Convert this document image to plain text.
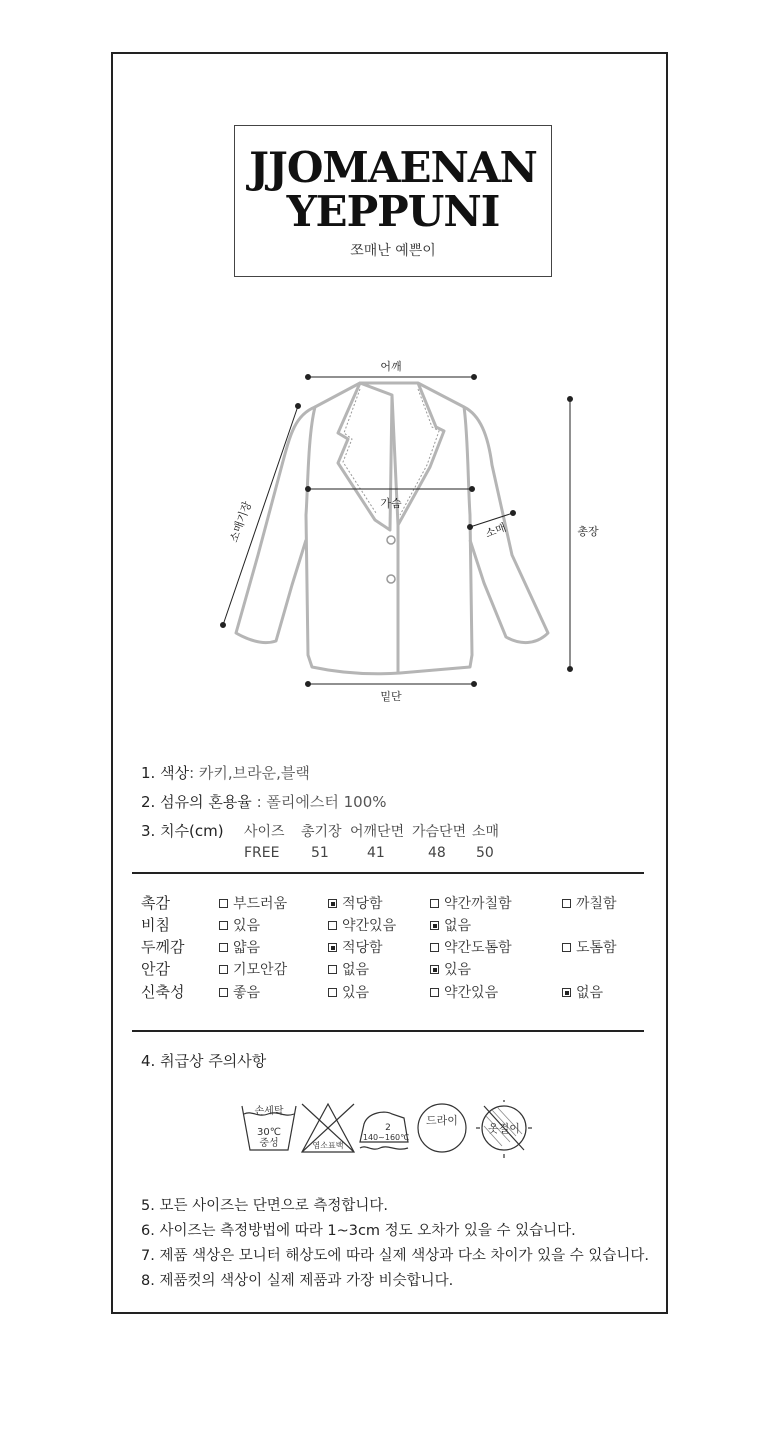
JJOMAENAN
YEPPUNI
쪼매난 예쁜이
어깨
가슴
소매기장	소매	총장
밑단
1. 색상: 카키,브라운,블랙
2. 섬유의 혼용율 : 폴리에스터 100%
3. 치수(cm) 사이즈 총기장 어깨단면 가슴단면 소매
FREE 51	41	48 50
촉감	부드러움	적당함	약간까칠함	까칠함
비침	있음	약간있음	없음
두께감	얇음	적당함	약간도톰함	도톰함
안감	기모안감	없음	있음
신축성	좋음	있음	약간있음	없음
4. 취급상 주의사항
손세탁
30℃
중성	염소표백
2
140~160℃
드라이
옷걸이
5. 모든 사이즈는 단면으로 측정합니다.
6. 사이즈는 측정방법에 따라 1~3cm 정도 오차가 있을 수 있습니다.
7. 제품 색상은 모니터 해상도에 따라 실제 색상과 다소 차이가 있을 수 있습니다.
8. 제품컷의 색상이 실제 제품과 가장 비슷합니다.
